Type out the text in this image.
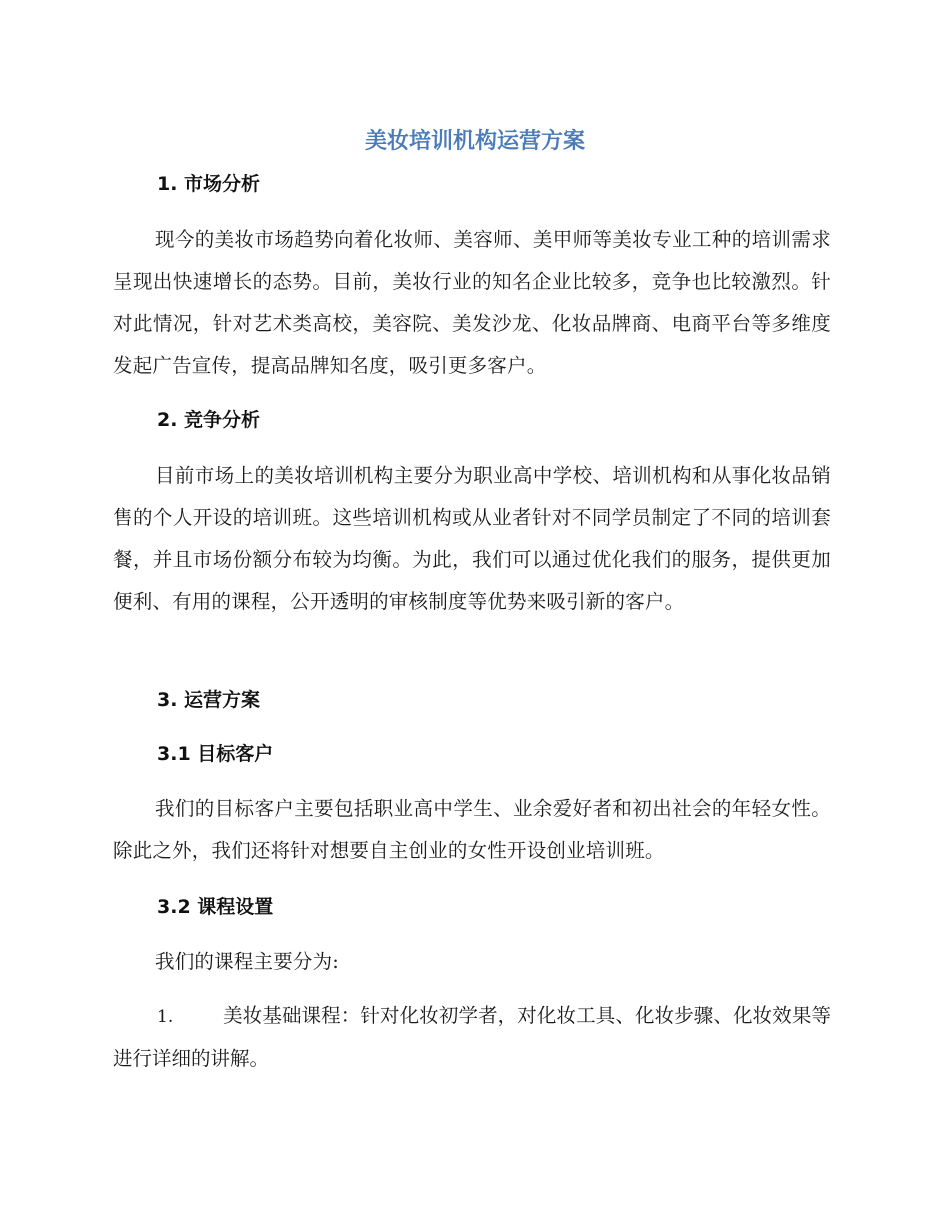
美妆培训机构运营方案
1. 市场分析
现今的美妆市场趋势向着化妆师、美容师、美甲师等美妆专业工种的培训需求呈现出快速增长的态势。目前，美妆行业的知名企业比较多，竞争也比较激烈。针对此情况，针对艺术类高校，美容院、美发沙龙、化妆品牌商、电商平台等多维度发起广告宣传，提高品牌知名度，吸引更多客户。
2. 竞争分析
目前市场上的美妆培训机构主要分为职业高中学校、培训机构和从事化妆品销售的个人开设的培训班。这些培训机构或从业者针对不同学员制定了不同的培训套餐，并且市场份额分布较为均衡。为此，我们可以通过优化我们的服务，提供更加便利、有用的课程，公开透明的审核制度等优势来吸引新的客户。
3. 运营方案
3.1 目标客户
我们的目标客户主要包括职业高中学生、业余爱好者和初出社会的年轻女性。除此之外，我们还将针对想要自主创业的女性开设创业培训班。
3.2 课程设置
我们的课程主要分为:
1.	美妆基础课程：针对化妆初学者，对化妆工具、化妆步骤、化妆效果等进行详细的讲解。
